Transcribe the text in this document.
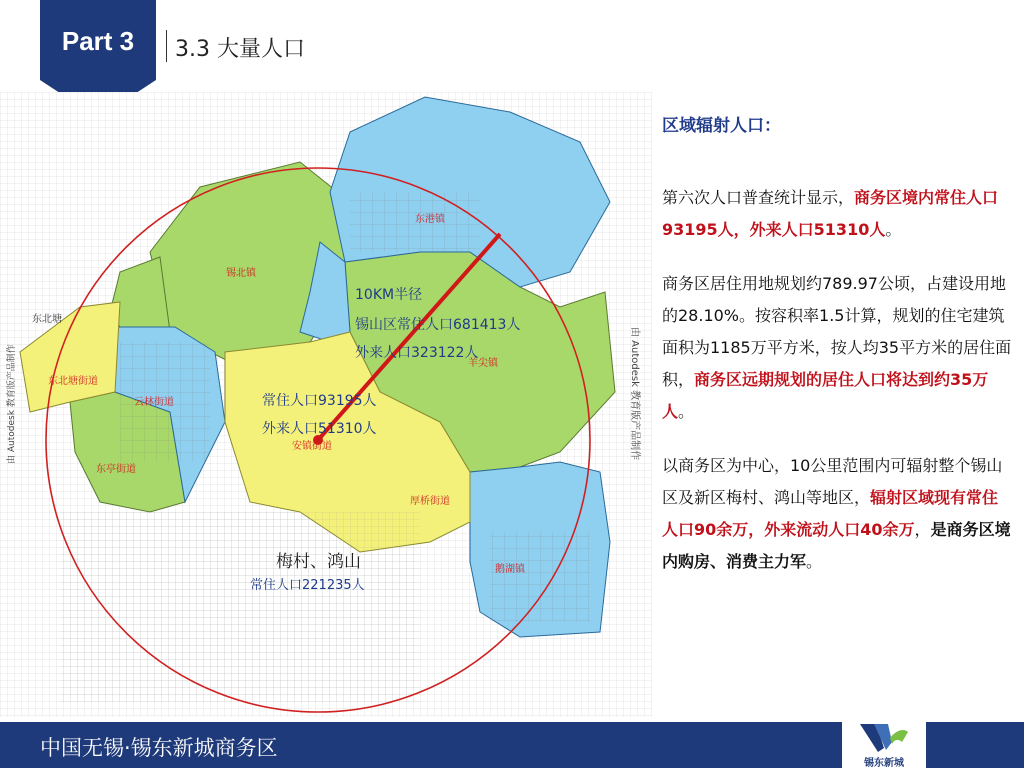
Part 3	3.3 大量人口
10KM半径
锡山区常住人口681413人
外来人口323122人
常住人口93195人
外来人口51310人
梅村、鸿山
常住人口221235人
锡北镇
东港镇
羊尖镇
东北塘街道
云林街道
东亭街道
安镇街道
厚桥街道
鹅湖镇
东北塘
由 Autodesk 教育版产品制作	由 Autodesk 教育版产品制作
区域辐射人口：

第六次人口普查统计显示，商务区境内常住人口93195人，外来人口51310人。

商务区居住用地规划约789.97公顷，占建设用地的28.10%。按容积率1.5计算，规划的住宅建筑面积为1185万平方米，按人均35平方米的居住面积，商务区远期规划的居住人口将达到约35万人。

以商务区为中心，10公里范围内可辐射整个锡山区及新区梅村、鸿山等地区，辐射区域现有常住人口90余万，外来流动人口40余万，是商务区境内购房、消费主力军。

中国无锡·锡东新城商务区
锡东新城
